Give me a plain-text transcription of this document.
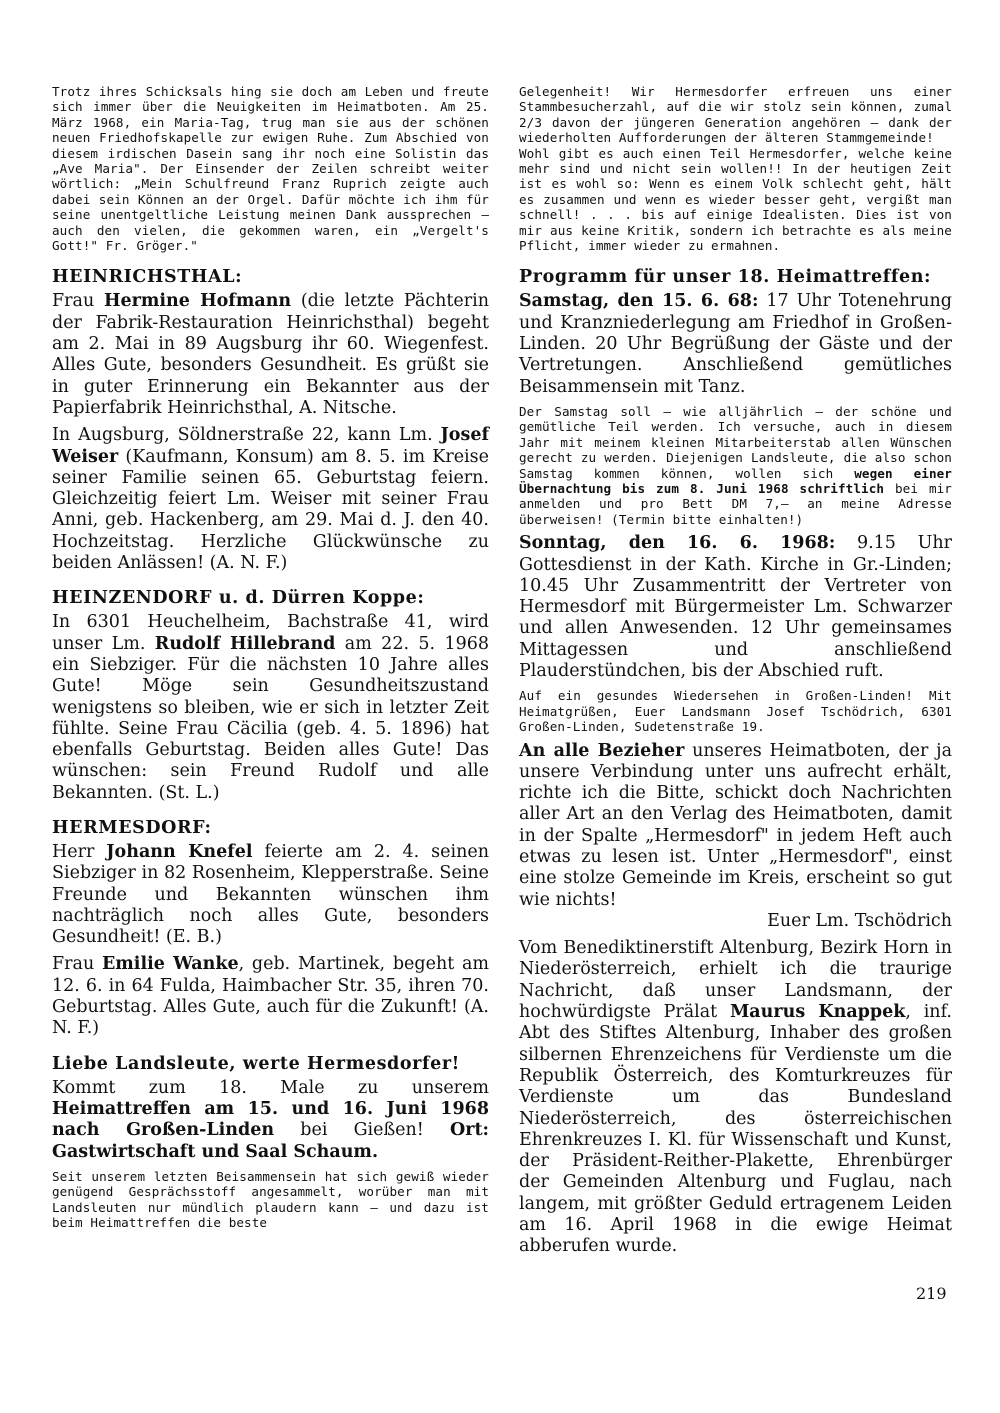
Trotz ihres Schicksals hing sie doch am Leben und freute sich immer über die Neuigkeiten im Heimatboten. Am 25. März 1968, ein Maria-Tag, trug man sie aus der schönen neuen Friedhofskapelle zur ewigen Ruhe. Zum Abschied von diesem irdischen Dasein sang ihr noch eine Solistin das „Ave Maria". Der Einsender der Zeilen schreibt weiter wörtlich: „Mein Schulfreund Franz Ruprich zeigte auch dabei sein Können an der Orgel. Dafür möchte ich ihm für seine unentgeltliche Leistung meinen Dank aussprechen — auch den vielen, die gekommen waren, ein „Vergelt's Gott!" Fr. Gröger."

HEINRICHSTHAL:

Frau Hermine Hofmann (die letzte Pächterin der Fabrik-Restauration Heinrichsthal) begeht am 2. Mai in 89 Augsburg ihr 60. Wiegenfest. Alles Gute, besonders Gesundheit. Es grüßt sie in guter Erinnerung ein Bekannter aus der Papierfabrik Heinrichsthal, A. Nitsche.

In Augsburg, Söldnerstraße 22, kann Lm. Josef Weiser (Kaufmann, Konsum) am 8. 5. im Kreise seiner Familie seinen 65. Geburtstag feiern. Gleichzeitig feiert Lm. Weiser mit seiner Frau Anni, geb. Hackenberg, am 29. Mai d. J. den 40. Hochzeitstag. Herzliche Glückwünsche zu beiden Anlässen! (A. N. F.)

HEINZENDORF u. d. Dürren Koppe:

In 6301 Heuchelheim, Bachstraße 41, wird unser Lm. Rudolf Hillebrand am 22. 5. 1968 ein Siebziger. Für die nächsten 10 Jahre alles Gute! Möge sein Gesundheitszustand wenigstens so bleiben, wie er sich in letzter Zeit fühlte. Seine Frau Cäcilia (geb. 4. 5. 1896) hat ebenfalls Geburtstag. Beiden alles Gute! Das wünschen: sein Freund Rudolf und alle Bekannten. (St. L.)

HERMESDORF:

Herr Johann Knefel feierte am 2. 4. seinen Siebziger in 82 Rosenheim, Klepperstraße. Seine Freunde und Bekannten wünschen ihm nachträglich noch alles Gute, besonders Gesundheit! (E. B.)

Frau Emilie Wanke, geb. Martinek, begeht am 12. 6. in 64 Fulda, Haimbacher Str. 35, ihren 70. Geburtstag. Alles Gute, auch für die Zukunft! (A. N. F.)

Liebe Landsleute, werte Hermesdorfer!

Kommt zum 18. Male zu unserem Heimattreffen am 15. und 16. Juni 1968 nach Großen-Linden bei Gießen! Ort: Gastwirtschaft und Saal Schaum.

Seit unserem letzten Beisammensein hat sich gewiß wieder genügend Gesprächsstoff angesammelt, worüber man mit Landsleuten nur mündlich plaudern kann — und dazu ist beim Heimattreffen die beste

Gelegenheit! Wir Hermesdorfer erfreuen uns einer Stammbesucherzahl, auf die wir stolz sein können, zumal 2/3 davon der jüngeren Generation angehören — dank der wiederholten Aufforderungen der älteren Stammgemeinde!

Wohl gibt es auch einen Teil Hermesdorfer, welche keine mehr sind und nicht sein wollen!! In der heutigen Zeit ist es wohl so: Wenn es einem Volk schlecht geht, hält es zusammen und wenn es wieder besser geht, vergißt man schnell! . . . bis auf einige Idealisten. Dies ist von mir aus keine Kritik, sondern ich betrachte es als meine Pflicht, immer wieder zu ermahnen.

Programm für unser 18. Heimattreffen:

Samstag, den 15. 6. 68: 17 Uhr Totenehrung und Kranzniederlegung am Friedhof in Großen-Linden. 20 Uhr Begrüßung der Gäste und der Vertretungen. Anschließend gemütliches Beisammensein mit Tanz.

Der Samstag soll — wie alljährlich — der schöne und gemütliche Teil werden. Ich versuche, auch in diesem Jahr mit meinem kleinen Mitarbeiterstab allen Wünschen gerecht zu werden. Diejenigen Landsleute, die also schon Samstag kommen können, wollen sich wegen einer Übernachtung bis zum 8. Juni 1968 schriftlich bei mir anmelden und pro Bett DM 7,— an meine Adresse überweisen! (Termin bitte einhalten!)

Sonntag, den 16. 6. 1968: 9.15 Uhr Gottesdienst in der Kath. Kirche in Gr.-Linden; 10.45 Uhr Zusammentritt der Vertreter von Hermesdorf mit Bürgermeister Lm. Schwarzer und allen Anwesenden. 12 Uhr gemeinsames Mittagessen und anschließend Plauderstündchen, bis der Abschied ruft.

Auf ein gesundes Wiedersehen in Großen-Linden! Mit Heimatgrüßen, Euer Landsmann Josef Tschödrich, 6301 Großen-Linden, Sudetenstraße 19.

An alle Bezieher unseres Heimatboten, der ja unsere Verbindung unter uns aufrecht erhält, richte ich die Bitte, schickt doch Nachrichten aller Art an den Verlag des Heimatboten, damit in der Spalte „Hermesdorf" in jedem Heft auch etwas zu lesen ist. Unter „Hermesdorf", einst eine stolze Gemeinde im Kreis, erscheint so gut wie nichts!
Euer Lm. Tschödrich

Vom Benediktinerstift Altenburg, Bezirk Horn in Niederösterreich, erhielt ich die traurige Nachricht, daß unser Landsmann, der hochwürdigste Prälat Maurus Knappek, inf. Abt des Stiftes Altenburg, Inhaber des großen silbernen Ehrenzeichens für Verdienste um die Republik Österreich, des Komturkreuzes für Verdienste um das Bundesland Niederösterreich, des österreichischen Ehrenkreuzes I. Kl. für Wissenschaft und Kunst, der Präsident-Reither-Plakette, Ehrenbürger der Gemeinden Altenburg und Fuglau, nach langem, mit größter Geduld ertragenem Leiden am 16. April 1968 in die ewige Heimat abberufen wurde.

219
